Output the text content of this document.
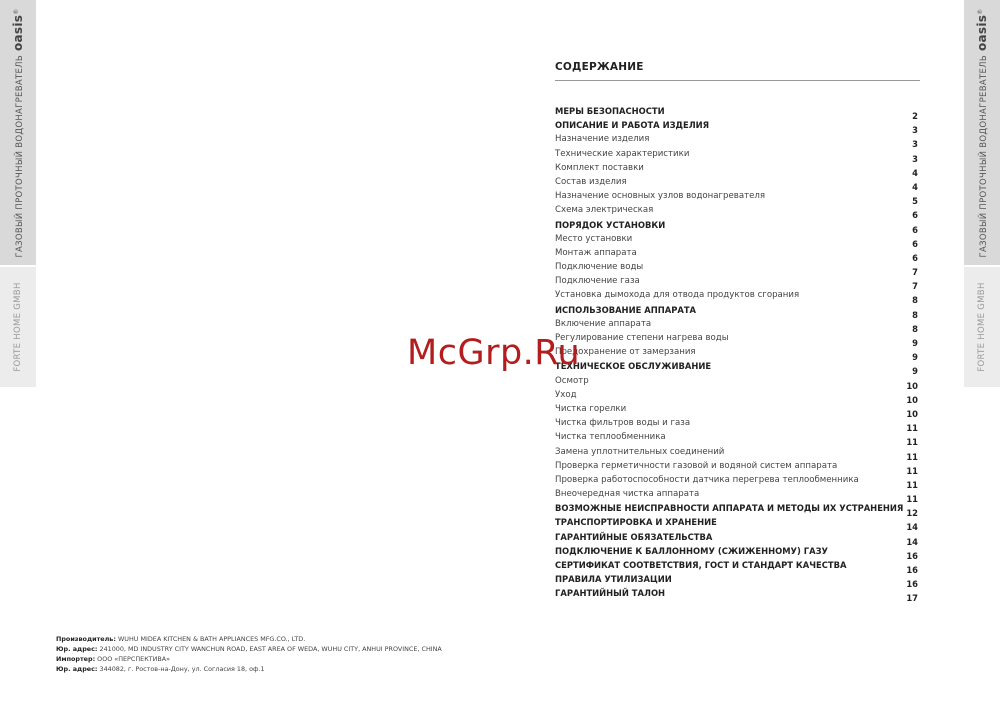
ГАЗОВЫЙ ПРОТОЧНЫЙ ВОДОНАГРЕВАТЕЛЬoasis®
FORTE HOME GMBH
ГАЗОВЫЙ ПРОТОЧНЫЙ ВОДОНАГРЕВАТЕЛЬoasis®
FORTE HOME GMBH
СОДЕРЖАНИЕ
МЕРЫ БЕЗОПАСНОСТИ	2
ОПИСАНИЕ И РАБОТА ИЗДЕЛИЯ	3
Назначение изделия	3
Технические характеристики	3
Комплект поставки	4
Состав изделия	4
Назначение основных узлов водонагревателя	5
Схема электрическая	6
ПОРЯДОК УСТАНОВКИ	6
Место установки	6
Монтаж аппарата	6
Подключение воды	7
Подключение газа	7
Установка дымохода для отвода продуктов сгорания	8
ИСПОЛЬЗОВАНИЕ АППАРАТА	8
Включение аппарата	8
Регулирование степени нагрева воды	9
Предохранение от замерзания	9
ТЕХНИЧЕСКОЕ ОБСЛУЖИВАНИЕ	9
Осмотр	10
Уход	10
Чистка горелки	10
Чистка фильтров воды и газа	11
Чистка теплообменника	11
Замена уплотнительных соединений	11
Проверка герметичности газовой и водяной систем аппарата	11
Проверка работоспособности датчика перегрева теплообменника	11
Внеочередная чистка аппарата	11
ВОЗМОЖНЫЕ НЕИСПРАВНОСТИ АППАРАТА И МЕТОДЫ ИХ УСТРАНЕНИЯ 12
ТРАНСПОРТИРОВКА И ХРАНЕНИЕ	14
ГАРАНТИЙНЫЕ ОБЯЗАТЕЛЬСТВА	14
ПОДКЛЮЧЕНИЕ К БАЛЛОННОМУ (СЖИЖЕННОМУ) ГАЗУ	16
СЕРТИФИКАТ СООТВЕТСТВИЯ, ГОСТ И СТАНДАРТ КАЧЕСТВА	16
ПРАВИЛА УТИЛИЗАЦИИ	16
ГАРАНТИЙНЫЙ ТАЛОН	17
McGrp.Ru
Производитель: WUHU MIDEA KITCHEN & BATH APPLIANCES MFG.CO., LTD.
Юр. адрес: 241000, MD INDUSTRY CITY WANCHUN ROAD, EAST AREA OF WEDA, WUHU CITY, ANHUI PROVINCE, CHINA
Импортер: ООО «ПЕРСПЕКТИВА»
Юр. адрес: 344082, г. Ростов-на-Дону, ул. Согласия 18, оф.1
